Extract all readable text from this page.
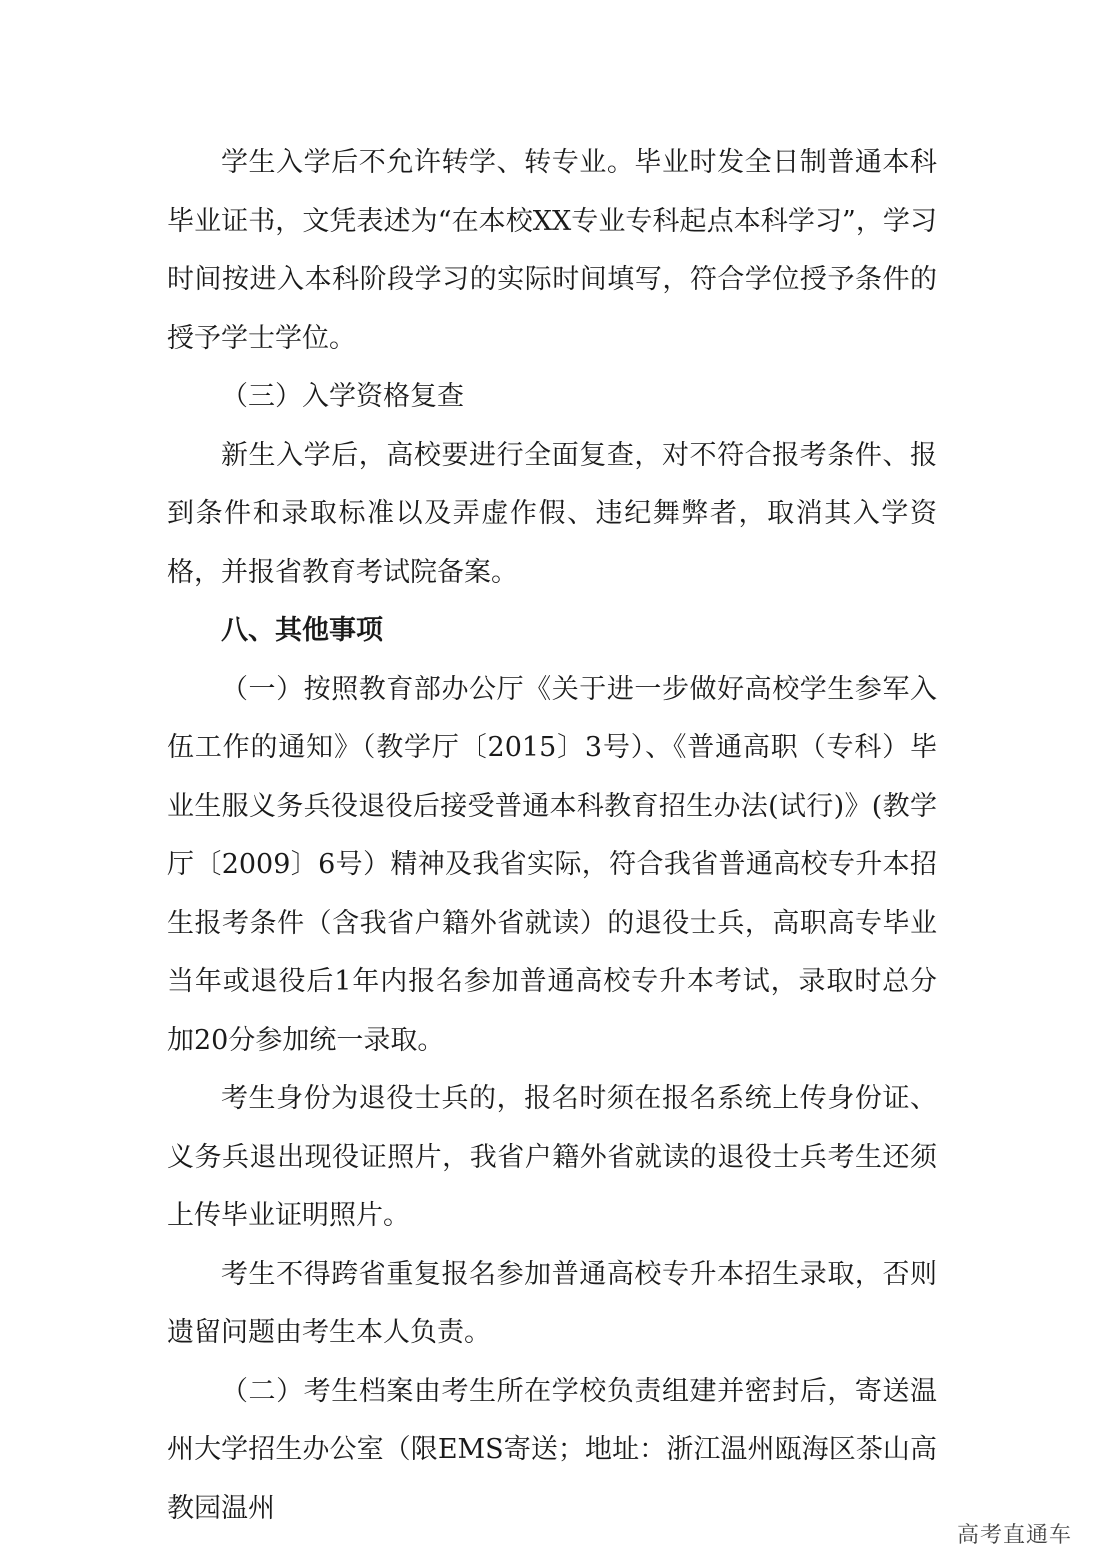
学生入学后不允许转学、转专业。毕业时发全日制普通本科毕业证书，文凭表述为“在本校XX专业专科起点本科学习”，学习时间按进入本科阶段学习的实际时间填写，符合学位授予条件的授予学士学位。

（三）入学资格复查

新生入学后，高校要进行全面复查，对不符合报考条件、报到条件和录取标准以及弄虚作假、违纪舞弊者，取消其入学资格，并报省教育考试院备案。

八、其他事项

（一）按照教育部办公厅《关于进一步做好高校学生参军入伍工作的通知》（教学厅〔2015〕3号）、《普通高职（专科）毕业生服义务兵役退役后接受普通本科教育招生办法(试行)》(教学厅〔2009〕6号）精神及我省实际，符合我省普通高校专升本招生报考条件（含我省户籍外省就读）的退役士兵，高职高专毕业当年或退役后1年内报名参加普通高校专升本考试，录取时总分加20分参加统一录取。

考生身份为退役士兵的，报名时须在报名系统上传身份证、义务兵退出现役证照片，我省户籍外省就读的退役士兵考生还须上传毕业证明照片。

考生不得跨省重复报名参加普通高校专升本招生录取，否则遗留问题由考生本人负责。

（二）考生档案由考生所在学校负责组建并密封后，寄送温州大学招生办公室（限EMS寄送；地址：浙江温州瓯海区茶山高教园温州

高考直通车
